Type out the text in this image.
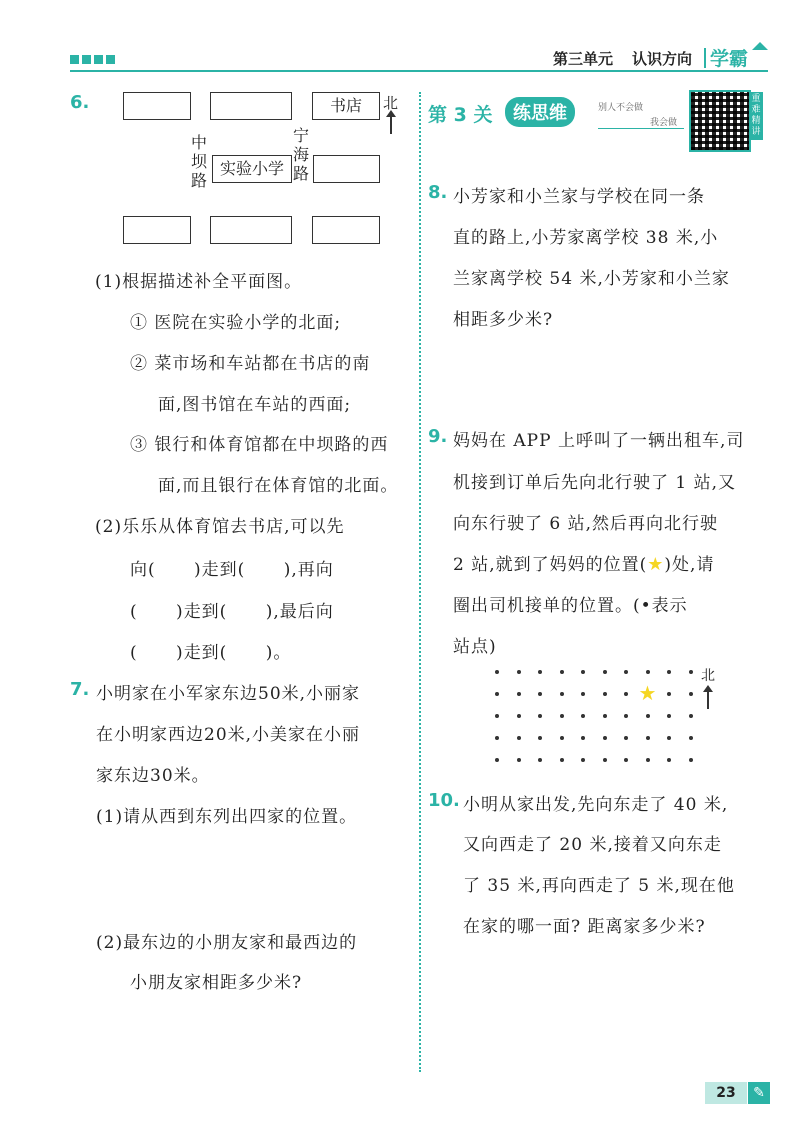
第三单元 认识方向 学霸
6.	书店	北
中坝路
实验小学
宁海路
(1)根据描述补全平面图。
① 医院在实验小学的北面;
② 菜市场和车站都在书店的南
面,图书馆在车站的西面;
③ 银行和体育馆都在中坝路的西
面,而且银行在体育馆的北面。
(2)乐乐从体育馆去书店,可以先
向(      )走到(      ),再向
(      )走到(      ),最后向
(      )走到(      )。
7. 小明家在小军家东边50米,小丽家
在小明家西边20米,小美家在小丽
家东边30米。
(1)请从西到东列出四家的位置。
(2)最东边的小朋友家和最西边的
小朋友家相距多少米?
第 3 关	练思维	别人不会做
我会做
重难精讲
8. 小芳家和小兰家与学校在同一条
直的路上,小芳家离学校 38 米,小
兰家离学校 54 米,小芳家和小兰家
相距多少米?
9. 妈妈在 APP 上呼叫了一辆出租车,司
机接到订单后先向北行驶了 1 站,又
向东行驶了 6 站,然后再向北行驶
2 站,就到了妈妈的位置(★)处,请
圈出司机接单的位置。(•表示
站点)
★
北
10. 小明从家出发,先向东走了 40 米,
又向西走了 20 米,接着又向东走
了 35 米,再向西走了 5 米,现在他
在家的哪一面? 距离家多少米?
23	✎
